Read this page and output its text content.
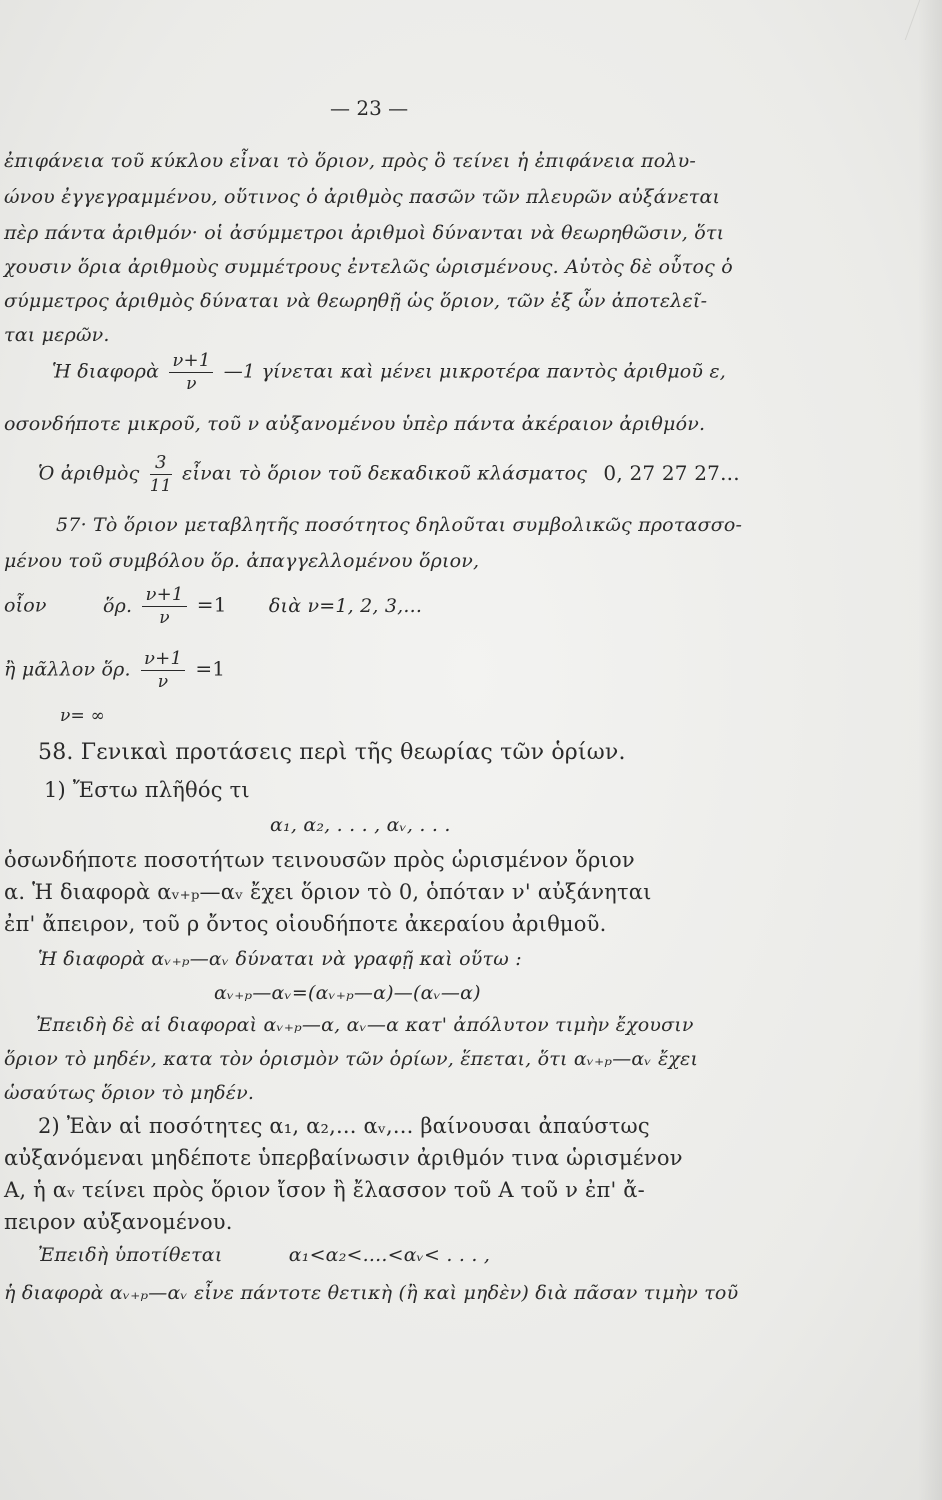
— 23 —
ἐπιφάνεια τοῦ κύκλου εἶναι τὸ ὅριον, πρὸς ὃ τείνει ἡ ἐπιφάνεια πολυ-
ώνου ἐγγεγραμμένου, οὕτινος ὁ ἀριθμὸς πασῶν τῶν πλευρῶν αὐξάνεται
πὲρ πάντα ἀριθμόν· οἱ ἀσύμμετροι ἀριθμοὶ δύνανται νὰ θεωρηθῶσιν, ὅτι
χουσιν ὅρια ἀριθμοὺς συμμέτρους ἐντελῶς ὡρισμένους. Αὐτὸς δὲ οὗτος ὁ
σύμμετρος ἀριθμὸς δύναται νὰ θεωρηθῇ ὡς ὅριον, τῶν ἐξ ὧν ἀποτελεῖ-
ται μερῶν.
Ἡ διαφορὰ $\frac{\nu+1}{\nu}$ —1 γίνεται καὶ μένει μικροτέρα παντὸς ἀριθμοῦ ε,
οσονδήποτε μικροῦ, τοῦ ν αὐξανομένου ὑπὲρ πάντα ἀκέραιον ἀριθμόν.
Ὁ ἀριθμὸς $\frac{3}{11}$ εἶναι τὸ ὅριον τοῦ δεκαδικοῦ κλάσματος 0, 27 27 27...
57· Τὸ ὅριον μεταβλητῆς ποσότητος δηλοῦται συμβολικῶς προτασσο-
μένου τοῦ συμβόλου ὅρ. ἀπαγγελλομένου ὅριον,
οἷον	ὅρ. $\frac{\nu+1}{\nu} =1$ διὰ ν=1, 2, 3,...
ἢ μᾶλλον ὅρ. $\frac{\nu+1}{\nu} =1$
ν= ∞
58. Γενικαὶ προτάσεις περὶ τῆς θεωρίας τῶν ὁρίων.
1) Ἔστω πλῆθός τι
α₁, α₂, . . . , αᵥ, . . .
ὁσωνδήποτε ποσοτήτων τεινουσῶν πρὸς ὡρισμένον ὅριον
α. Ἡ διαφορὰ αᵥ₊ₚ—αᵥ ἔχει ὅριον τὸ 0, ὁπόταν ν' αὐξάνηται
ἐπ' ἄπειρον, τοῦ ρ ὄντος οἱουδήποτε ἀκεραίου ἀριθμοῦ.
Ἡ διαφορὰ αᵥ₊ₚ—αᵥ δύναται νὰ γραφῇ καὶ οὕτω :
αᵥ₊ₚ—αᵥ=(αᵥ₊ₚ—α)—(αᵥ—α)
Ἐπειδὴ δὲ αἱ διαφοραὶ αᵥ₊ₚ—α, αᵥ—α κατ' ἀπόλυτον τιμὴν ἔχουσιν
ὅριον τὸ μηδέν, κατα τὸν ὁρισμὸν τῶν ὁρίων, ἕπεται, ὅτι αᵥ₊ₚ—αᵥ ἔχει
ὡσαύτως ὅριον τὸ μηδέν.
2) Ἐὰν αἱ ποσότητες α₁, α₂,... αᵥ,... βαίνουσαι ἀπαύστως
αὐξανόμεναι μηδέποτε ὑπερβαίνωσιν ἀριθμόν τινα ὡρισμένον
Α, ἡ αᵥ τείνει πρὸς ὅριον ἴσον ἢ ἔλασσον τοῦ Α τοῦ ν ἐπ' ἄ-
πειρον αὐξανομένου.
Ἐπειδὴ ὑποτίθεται	α₁<α₂<....<αᵥ< . . . ,
ἡ διαφορὰ αᵥ₊ₚ—αᵥ εἶνε πάντοτε θετικὴ (ἢ καὶ μηδὲν) διὰ πᾶσαν τιμὴν τοῦ
